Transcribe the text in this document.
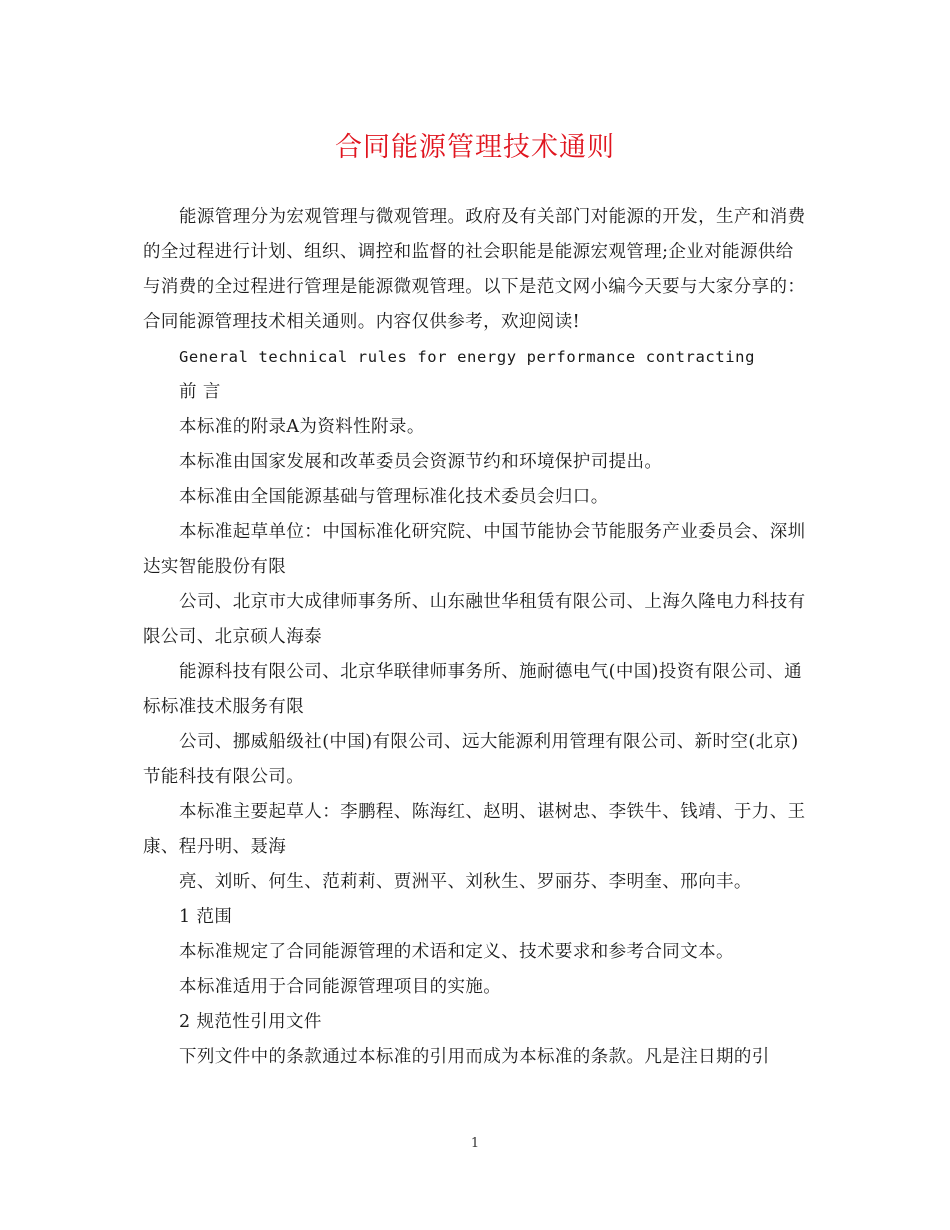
合同能源管理技术通则

能源管理分为宏观管理与微观管理。政府及有关部门对能源的开发，生产和消费的全过程进行计划、组织、调控和监督的社会职能是能源宏观管理;企业对能源供给与消费的全过程进行管理是能源微观管理。以下是范文网小编今天要与大家分享的：合同能源管理技术相关通则。内容仅供参考，欢迎阅读!

General technical rules for energy performance contracting

前 言

本标准的附录A为资料性附录。

本标准由国家发展和改革委员会资源节约和环境保护司提出。

本标准由全国能源基础与管理标准化技术委员会归口。

本标准起草单位：中国标准化研究院、中国节能协会节能服务产业委员会、深圳达实智能股份有限

公司、北京市大成律师事务所、山东融世华租赁有限公司、上海久隆电力科技有限公司、北京硕人海泰

能源科技有限公司、北京华联律师事务所、施耐德电气(中国)投资有限公司、通标标准技术服务有限

公司、挪威船级社(中国)有限公司、远大能源利用管理有限公司、新时空(北京)节能科技有限公司。

本标准主要起草人：李鹏程、陈海红、赵明、谌树忠、李铁牛、钱靖、于力、王康、程丹明、聂海

亮、刘昕、何生、范莉莉、贾洲平、刘秋生、罗丽芬、李明奎、邢向丰。

1 范围

本标准规定了合同能源管理的术语和定义、技术要求和参考合同文本。

本标准适用于合同能源管理项目的实施。

2 规范性引用文件

下列文件中的条款通过本标准的引用而成为本标准的条款。凡是注日期的引

1
